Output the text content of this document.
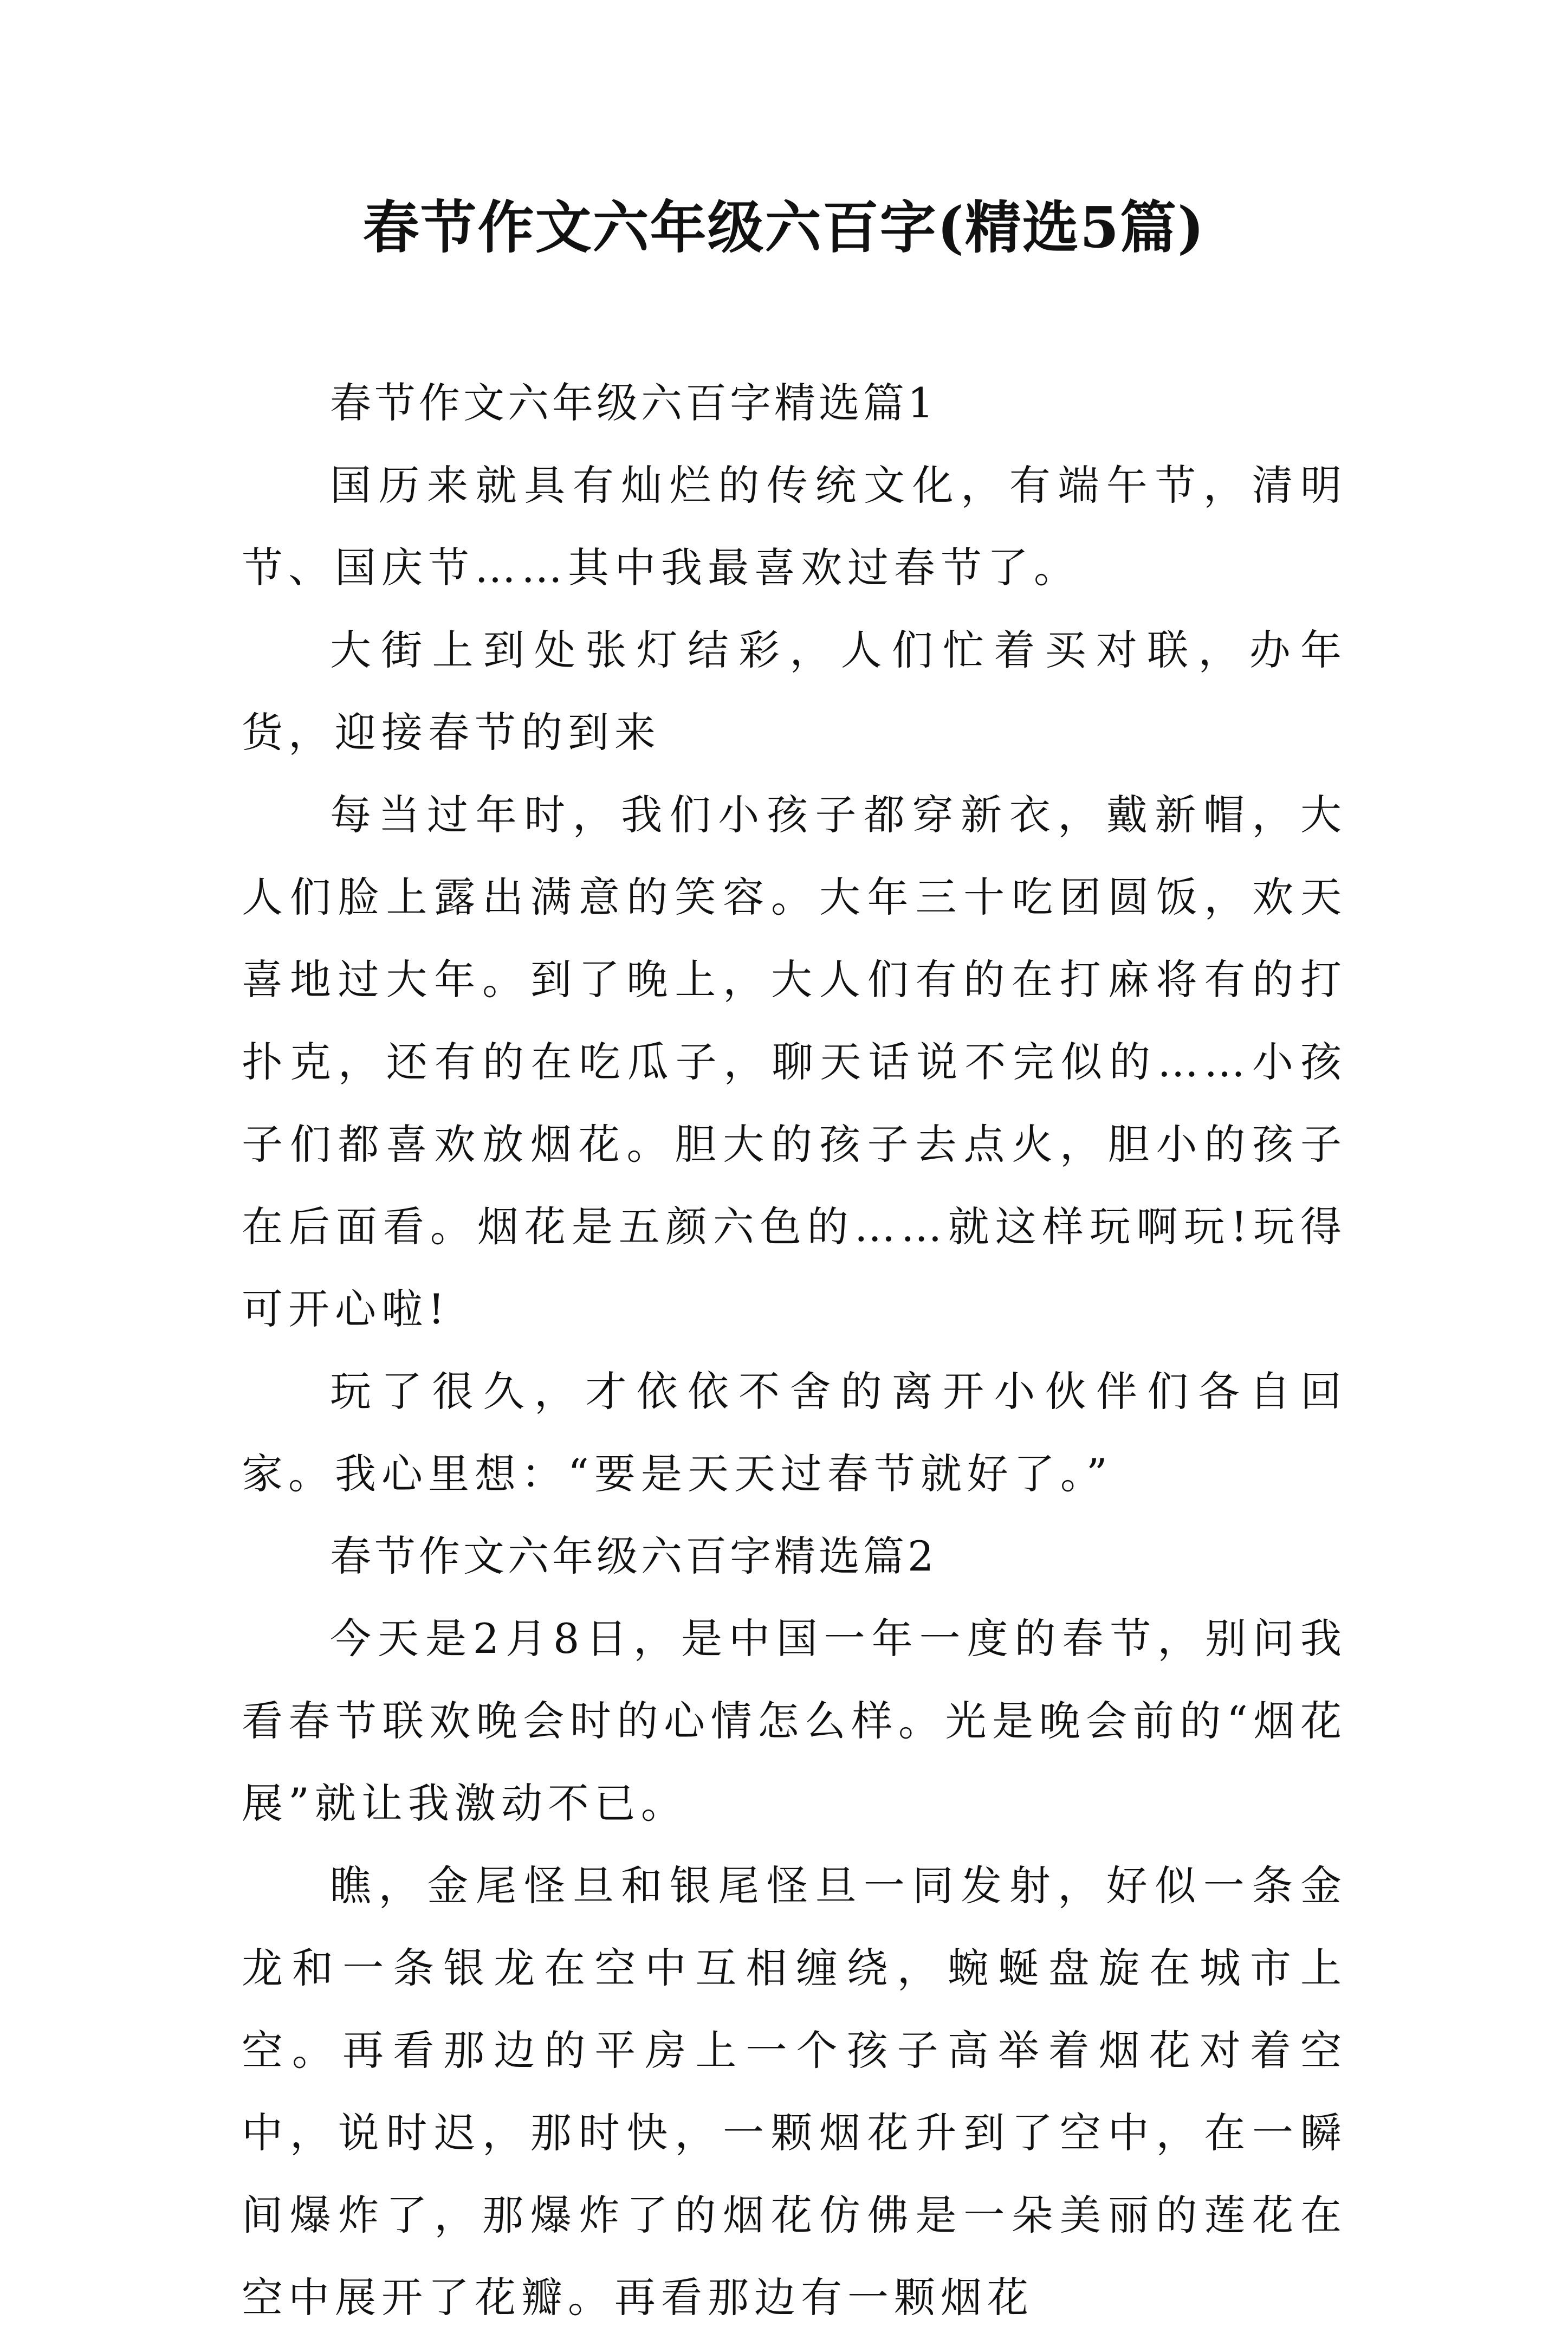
春节作文六年级六百字(精选5篇)

春节作文六年级六百字精选篇1

国历来就具有灿烂的传统文化，有端午节，清明节、国庆节……其中我最喜欢过春节了。

大街上到处张灯结彩，人们忙着买对联，办年货，迎接春节的到来

每当过年时，我们小孩子都穿新衣，戴新帽，大人们脸上露出满意的笑容。大年三十吃团圆饭，欢天喜地过大年。到了晚上，大人们有的在打麻将有的打扑克，还有的在吃瓜子，聊天话说不完似的……小孩子们都喜欢放烟花。胆大的孩子去点火，胆小的孩子在后面看。烟花是五颜六色的……就这样玩啊玩!玩得可开心啦!

玩了很久，才依依不舍的离开小伙伴们各自回家。我心里想：“要是天天过春节就好了。”

春节作文六年级六百字精选篇2

今天是2月8日，是中国一年一度的春节，别问我看春节联欢晚会时的心情怎么样。光是晚会前的“烟花展”就让我激动不已。

瞧，金尾怪旦和银尾怪旦一同发射，好似一条金龙和一条银龙在空中互相缠绕，蜿蜒盘旋在城市上空。再看那边的平房上一个孩子高举着烟花对着空中，说时迟，那时快，一颗烟花升到了空中，在一瞬间爆炸了，那爆炸了的烟花仿佛是一朵美丽的莲花在空中展开了花瓣。再看那边有一颗烟花
